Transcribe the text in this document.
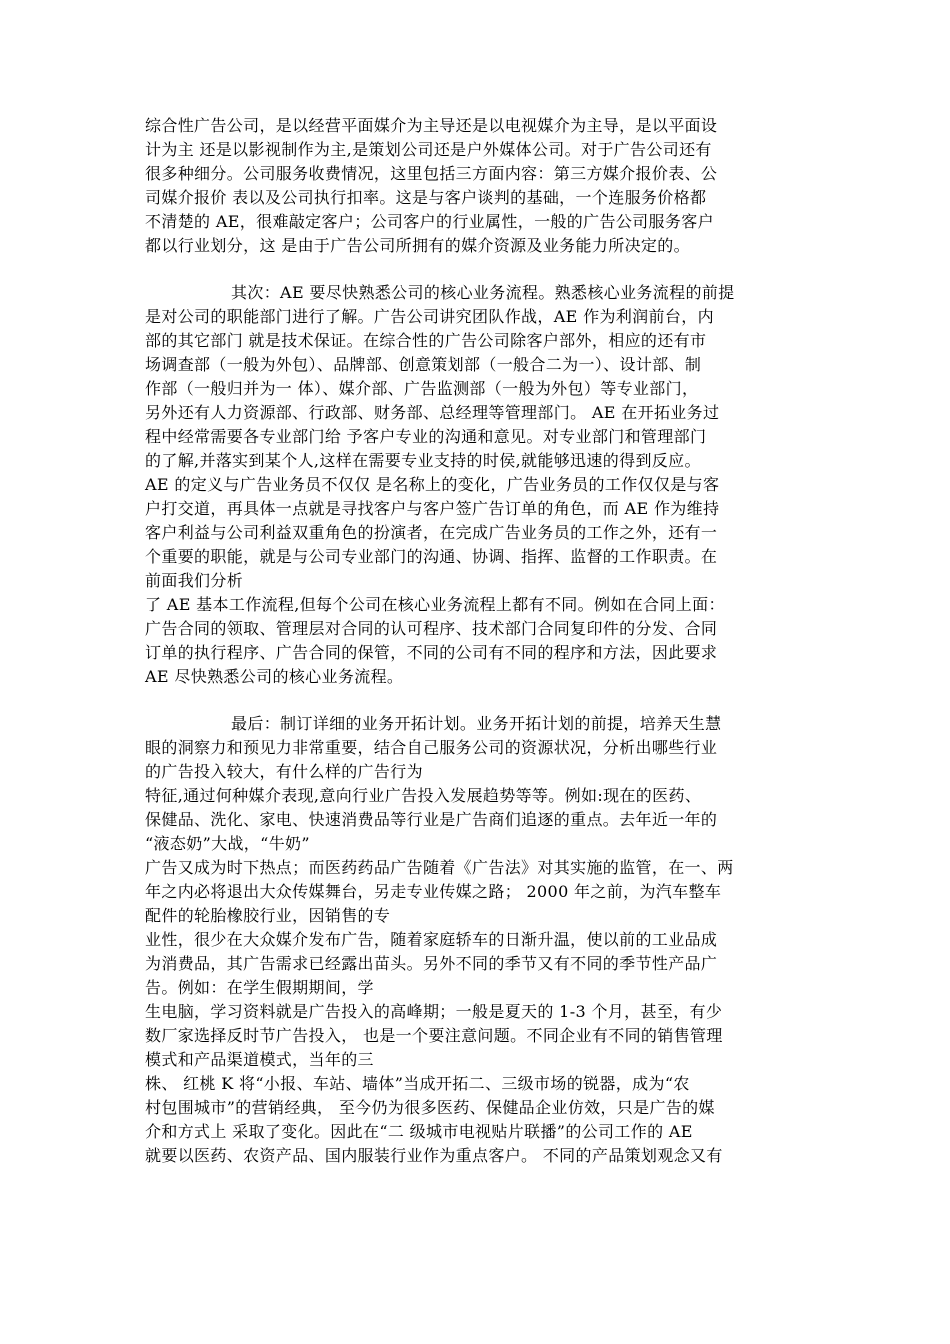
综合性广告公司，是以经营平面媒介为主导还是以电视媒介为主导，是以平面设
计为主 还是以影视制作为主,是策划公司还是户外媒体公司。对于广告公司还有
很多种细分。公司服务收费情况，这里包括三方面内容：第三方媒介报价表、公
司媒介报价 表以及公司执行扣率。这是与客户谈判的基础，一个连服务价格都
不清楚的 AE，很难敲定客户；公司客户的行业属性，一般的广告公司服务客户
都以行业划分，这 是由于广告公司所拥有的媒介资源及业务能力所决定的。
其次：AE 要尽快熟悉公司的核心业务流程。熟悉核心业务流程的前提
是对公司的职能部门进行了解。广告公司讲究团队作战，AE 作为利润前台，内
部的其它部门 就是技术保证。在综合性的广告公司除客户部外，相应的还有市
场调查部（一般为外包）、品牌部、创意策划部（一般合二为一）、设计部、制
作部（一般归并为一 体）、媒介部、广告监测部（一般为外包）等专业部门，
另外还有人力资源部、行政部、财务部、总经理等管理部门。 AE 在开拓业务过
程中经常需要各专业部门给 予客户专业的沟通和意见。对专业部门和管理部门
的了解,并落实到某个人,这样在需要专业支持的时侯,就能够迅速的得到反应。
AE 的定义与广告业务员不仅仅 是名称上的变化，广告业务员的工作仅仅是与客
户打交道，再具体一点就是寻找客户与客户签广告订单的角色，而 AE 作为维持
客户利益与公司利益双重角色的扮演者，在完成广告业务员的工作之外，还有一
个重要的职能，就是与公司专业部门的沟通、协调、指挥、监督的工作职责。在
前面我们分析
了 AE 基本工作流程,但每个公司在核心业务流程上都有不同。例如在合同上面：
广告合同的领取、管理层对合同的认可程序、技术部门合同复印件的分发、合同
订单的执行程序、广告合同的保管，不同的公司有不同的程序和方法，因此要求
AE 尽快熟悉公司的核心业务流程。
最后：制订详细的业务开拓计划。业务开拓计划的前提，培养天生慧
眼的洞察力和预见力非常重要，结合自己服务公司的资源状况，分析出哪些行业
的广告投入较大，有什么样的广告行为
特征,通过何种媒介表现,意向行业广告投入发展趋势等等。例如:现在的医药、
保健品、洗化、家电、快速消费品等行业是广告商们追逐的重点。去年近一年的
“液态奶”大战，“牛奶”
广告又成为时下热点；而医药药品广告随着《广告法》对其实施的监管，在一、两
年之内必将退出大众传媒舞台，另走专业传媒之路； 2000 年之前，为汽车整车
配件的轮胎橡胶行业，因销售的专
业性，很少在大众媒介发布广告，随着家庭轿车的日渐升温，使以前的工业品成
为消费品，其广告需求已经露出苗头。另外不同的季节又有不同的季节性产品广
告。例如：在学生假期期间，学
生电脑，学习资料就是广告投入的高峰期；一般是夏天的 1-3 个月，甚至，有少
数厂家选择反时节广告投入， 也是一个要注意问题。不同企业有不同的销售管理
模式和产品渠道模式，当年的三
株、 红桃 K 将“小报、车站、墙体”当成开拓二、三级市场的锐器，成为“农
村包围城市”的营销经典， 至今仍为很多医药、保健品企业仿效，只是广告的媒
介和方式上 采取了变化。因此在“二 级城市电视贴片联播”的公司工作的 AE
就要以医药、农资产品、国内服装行业作为重点客户。 不同的产品策划观念又有
